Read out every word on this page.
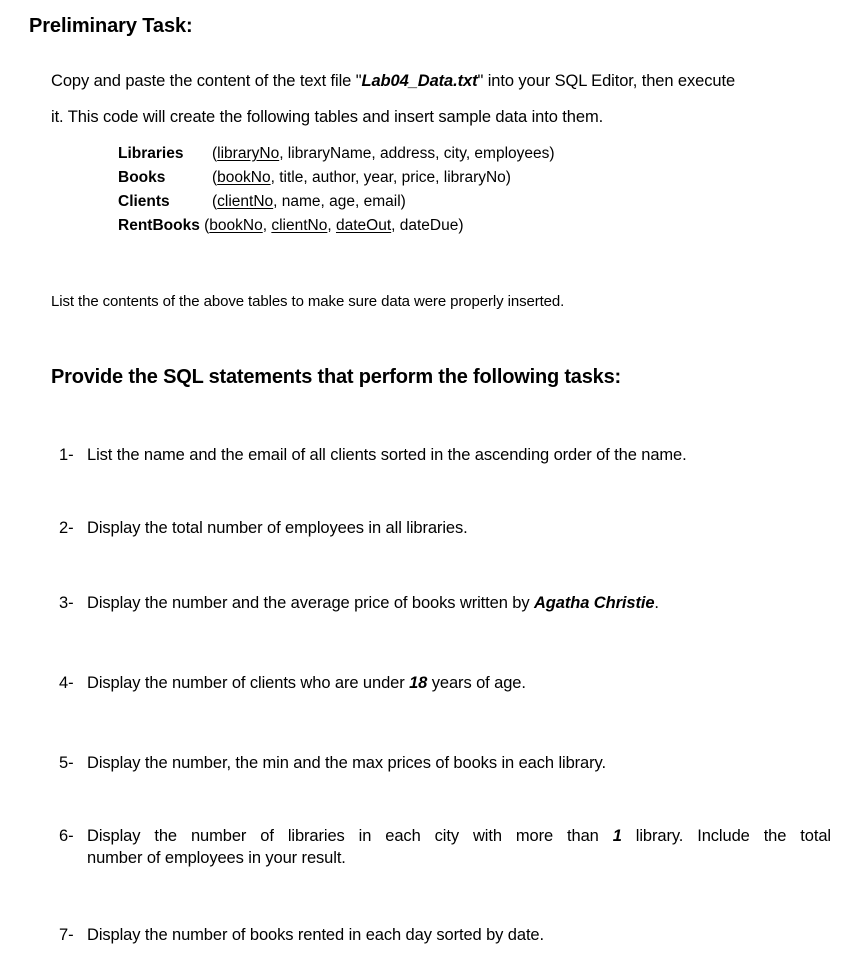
Preliminary Task:
Copy and paste the content of the text file "Lab04_Data.txt" into your SQL Editor, then execute
it. This code will create the following tables and insert sample data into them.
Libraries (libraryNo, libraryName, address, city, employees)
Books	(bookNo, title, author, year, price, libraryNo)
Clients	(clientNo, name, age, email)
RentBooks (bookNo, clientNo, dateOut, dateDue)
List the contents of the above tables to make sure data were properly inserted.
Provide the SQL statements that perform the following tasks:
1- List the name and the email of all clients sorted in the ascending order of the name.
2- Display the total number of employees in all libraries.
3- Display the number and the average price of books written by Agatha Christie.
4- Display the number of clients who are under 18 years of age.
5- Display the number, the min and the max prices of books in each library.
6- Display the number of libraries in each city with more than 1 library. Include the total
number of employees in your result.
7- Display the number of books rented in each day sorted by date.
